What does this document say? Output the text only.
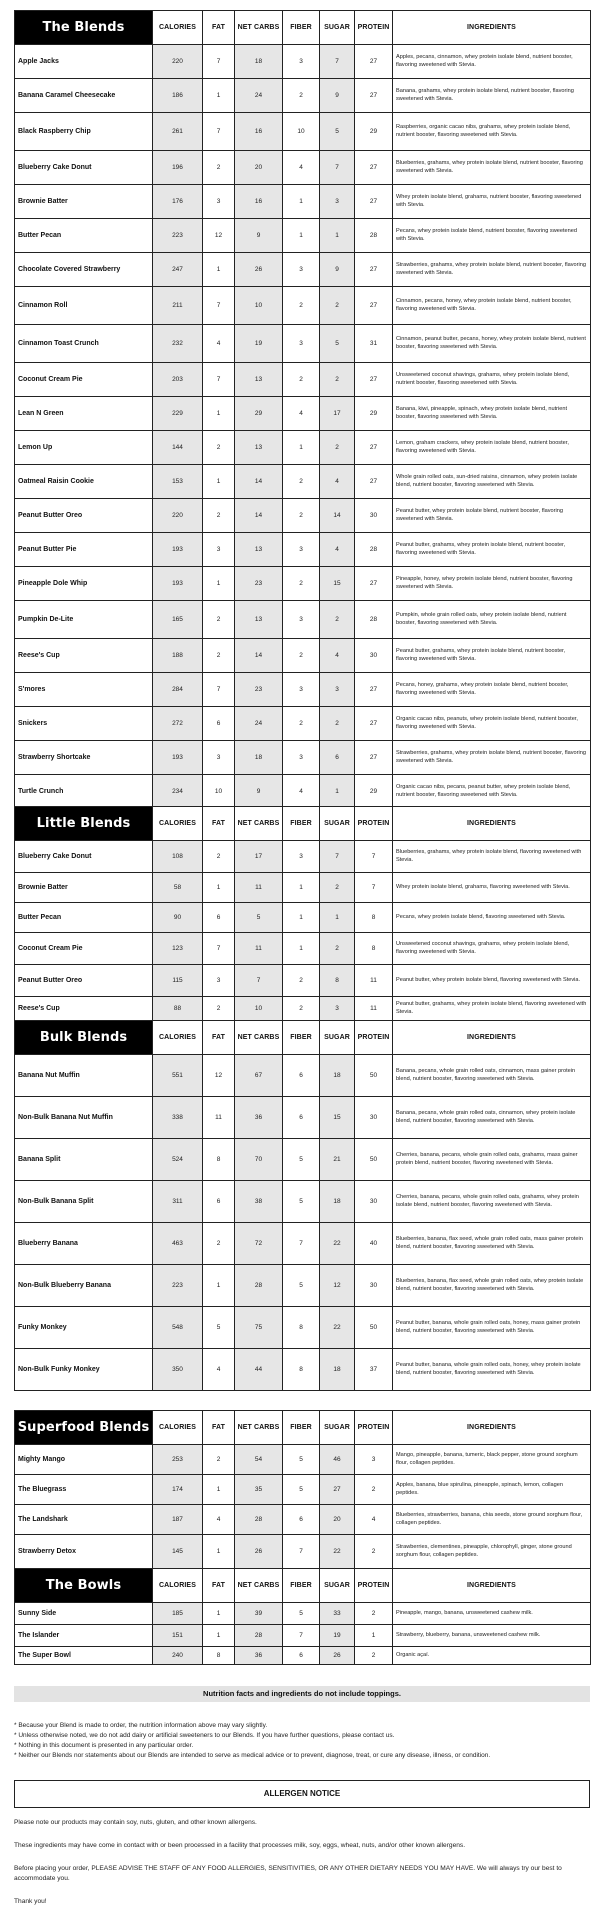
The Blends	CALORIES	FAT	NET CARBS	FIBER	SUGAR	PROTEIN	INGREDIENTS
Apple Jacks	220	7	18	3	7	27	Apples, pecans, cinnamon, whey protein isolate blend, nutrient booster, flavoring sweetened with Stevia.
Banana Caramel Cheesecake	186	1	24	2	9	27	Banana, grahams, whey protein isolate blend, nutrient booster, flavoring sweetened with Stevia.
Black Raspberry Chip	261	7	16	10	5	29	Raspberries, organic cacao nibs, grahams, whey protein isolate blend, nutrient booster, flavoring sweetened with Stevia.
Blueberry Cake Donut	196	2	20	4	7	27	Blueberries, grahams, whey protein isolate blend, nutrient booster, flavoring sweetened with Stevia.
Brownie Batter	176	3	16	1	3	27	Whey protein isolate blend, grahams, nutrient booster, flavoring sweetened with Stevia.
Butter Pecan	223	12	9	1	1	28	Pecans, whey protein isolate blend, nutrient booster, flavoring sweetened with Stevia.
Chocolate Covered Strawberry	247	1	26	3	9	27	Strawberries, grahams, whey protein isolate blend, nutrient booster, flavoring sweetened with Stevia.
Cinnamon Roll	211	7	10	2	2	27	Cinnamon, pecans, honey, whey protein isolate blend, nutrient booster, flavoring sweetened with Stevia.
Cinnamon Toast Crunch	232	4	19	3	5	31	Cinnamon, peanut butter, pecans, honey, whey protein isolate blend, nutrient booster, flavoring sweetened with Stevia.
Coconut Cream Pie	203	7	13	2	2	27	Unsweetened coconut shavings, grahams, whey protein isolate blend, nutrient booster, flavoring sweetened with Stevia.
Lean N Green	229	1	29	4	17	29	Banana, kiwi, pineapple, spinach, whey protein isolate blend, nutrient booster, flavoring sweetened with Stevia.
Lemon Up	144	2	13	1	2	27	Lemon, graham crackers, whey protein isolate blend, nutrient booster, flavoring sweetened with Stevia.
Oatmeal Raisin Cookie	153	1	14	2	4	27	Whole grain rolled oats, sun-dried raisins, cinnamon, whey protein isolate blend, nutrient booster, flavoring sweetened with Stevia.
Peanut Butter Oreo	220	2	14	2	14	30	Peanut butter, whey protein isolate blend, nutrient booster, flavoring sweetened with Stevia.
Peanut Butter Pie	193	3	13	3	4	28	Peanut butter, grahams, whey protein isolate blend, nutrient booster, flavoring sweetened with Stevia.
Pineapple Dole Whip	193	1	23	2	15	27	Pineapple, honey, whey protein isolate blend, nutrient booster, flavoring sweetened with Stevia.
Pumpkin De-Lite	165	2	13	3	2	28	Pumpkin, whole grain rolled oats, whey protein isolate blend, nutrient booster, flavoring sweetened with Stevia.
Reese's Cup	188	2	14	2	4	30	Peanut butter, grahams, whey protein isolate blend, nutrient booster, flavoring sweetened with Stevia.
S'mores	284	7	23	3	3	27	Pecans, honey, grahams, whey protein isolate blend, nutrient booster, flavoring sweetened with Stevia.
Snickers	272	6	24	2	2	27	Organic cacao nibs, peanuts, whey protein isolate blend, nutrient booster, flavoring sweetened with Stevia.
Strawberry Shortcake	193	3	18	3	6	27	Strawberries, grahams, whey protein isolate blend, nutrient booster, flavoring sweetened with Stevia.
Turtle Crunch	234	10	9	4	1	29	Organic cacao nibs, pecans, peanut butter, whey protein isolate blend, nutrient booster, flavoring sweetened with Stevia.
Little Blends	CALORIES	FAT	NET CARBS	FIBER	SUGAR	PROTEIN	INGREDIENTS
Blueberry Cake Donut	108	2	17	3	7	7	Blueberries, grahams, whey protein isolate blend, flavoring sweetened with Stevia.
Brownie Batter	58	1	11	1	2	7	Whey protein isolate blend, grahams, flavoring sweetened with Stevia.
Butter Pecan	90	6	5	1	1	8	Pecans, whey protein isolate blend, flavoring sweetened with Stevia.
Coconut Cream Pie	123	7	11	1	2	8	Unsweetened coconut shavings, grahams, whey protein isolate blend, flavoring sweetened with Stevia.
Peanut Butter Oreo	115	3	7	2	8	11	Peanut butter, whey protein isolate blend, flavoring sweetened with Stevia.
Reese's Cup	88	2	10	2	3	11	Peanut butter, grahams, whey protein isolate blend, flavoring sweetened with Stevia.
Bulk Blends	CALORIES	FAT	NET CARBS	FIBER	SUGAR	PROTEIN	INGREDIENTS
Banana Nut Muffin	551	12	67	6	18	50	Banana, pecans, whole grain rolled oats, cinnamon, mass gainer protein blend, nutrient booster, flavoring sweetened with Stevia.
Non-Bulk Banana Nut Muffin	338	11	36	6	15	30	Banana, pecans, whole grain rolled oats, cinnamon, whey protein isolate blend, nutrient booster, flavoring sweetened with Stevia.
Banana Split	524	8	70	5	21	50	Cherries, banana, pecans, whole grain rolled oats, grahams, mass gainer protein blend, nutrient booster, flavoring sweetened with Stevia.
Non-Bulk Banana Split	311	6	38	5	18	30	Cherries, banana, pecans, whole grain rolled oats, grahams, whey protein isolate blend, nutrient booster, flavoring sweetened with Stevia.
Blueberry Banana	463	2	72	7	22	40	Blueberries, banana, flax seed, whole grain rolled oats, mass gainer protein blend, nutrient booster, flavoring sweetened with Stevia.
Non-Bulk Blueberry Banana	223	1	28	5	12	30	Blueberries, banana, flax seed, whole grain rolled oats, whey protein isolate blend, nutrient booster, flavoring sweetened with Stevia.
Funky Monkey	548	5	75	8	22	50	Peanut butter, banana, whole grain rolled oats, honey, mass gainer protein blend, nutrient booster, flavoring sweetened with Stevia.
Non-Bulk Funky Monkey	350	4	44	8	18	37	Peanut butter, banana, whole grain rolled oats, honey, whey protein isolate blend, nutrient booster, flavoring sweetened with Stevia.
Superfood Blends	CALORIES	FAT	NET CARBS	FIBER	SUGAR	PROTEIN	INGREDIENTS
Mighty Mango	253	2	54	5	46	3	Mango, pineapple, banana, tumeric, black pepper, stone ground sorghum flour, collagen peptides.
The Bluegrass	174	1	35	5	27	2	Apples, banana, blue spirulina, pineapple, spinach, lemon, collagen peptides.
The Landshark	187	4	28	6	20	4	Blueberries, strawberries, banana, chia seeds, stone ground sorghum flour, collagen peptides.
Strawberry Detox	145	1	26	7	22	2	Strawberries, clementines, pineapple, chlorophyll, ginger, stone ground sorghum flour, collagen peptides.
The Bowls	CALORIES	FAT	NET CARBS	FIBER	SUGAR	PROTEIN	INGREDIENTS
Sunny Side	185	1	39	5	33	2	Pineapple, mango, banana, unsweetened cashew milk.
The Islander	151	1	28	7	19	1	Strawberry, blueberry, banana, unsweetened cashew milk.
The Super Bowl	240	8	36	6	26	2	Organic açaí.
Nutrition facts and ingredients do not include toppings.
* Because your Blend is made to order, the nutrition information above may vary slightly.
* Unless otherwise noted, we do not add dairy or artificial sweeteners to our Blends. If you have further questions, please contact us.
* Nothing in this document is presented in any particular order.
* Neither our Blends nor statements about our Blends are intended to serve as medical advice or to prevent, diagnose, treat, or cure any disease, illness, or condition.
ALLERGEN NOTICE
Please note our products may contain soy, nuts, gluten, and other known allergens.
These ingredients may have come in contact with or been processed in a facility that processes milk, soy, eggs, wheat, nuts, and/or other known allergens.
Before placing your order, PLEASE ADVISE THE STAFF OF ANY FOOD ALLERGIES, SENSITIVITIES, OR ANY OTHER DIETARY NEEDS YOU MAY HAVE. We will always try our best to accommodate you.
Thank you!
